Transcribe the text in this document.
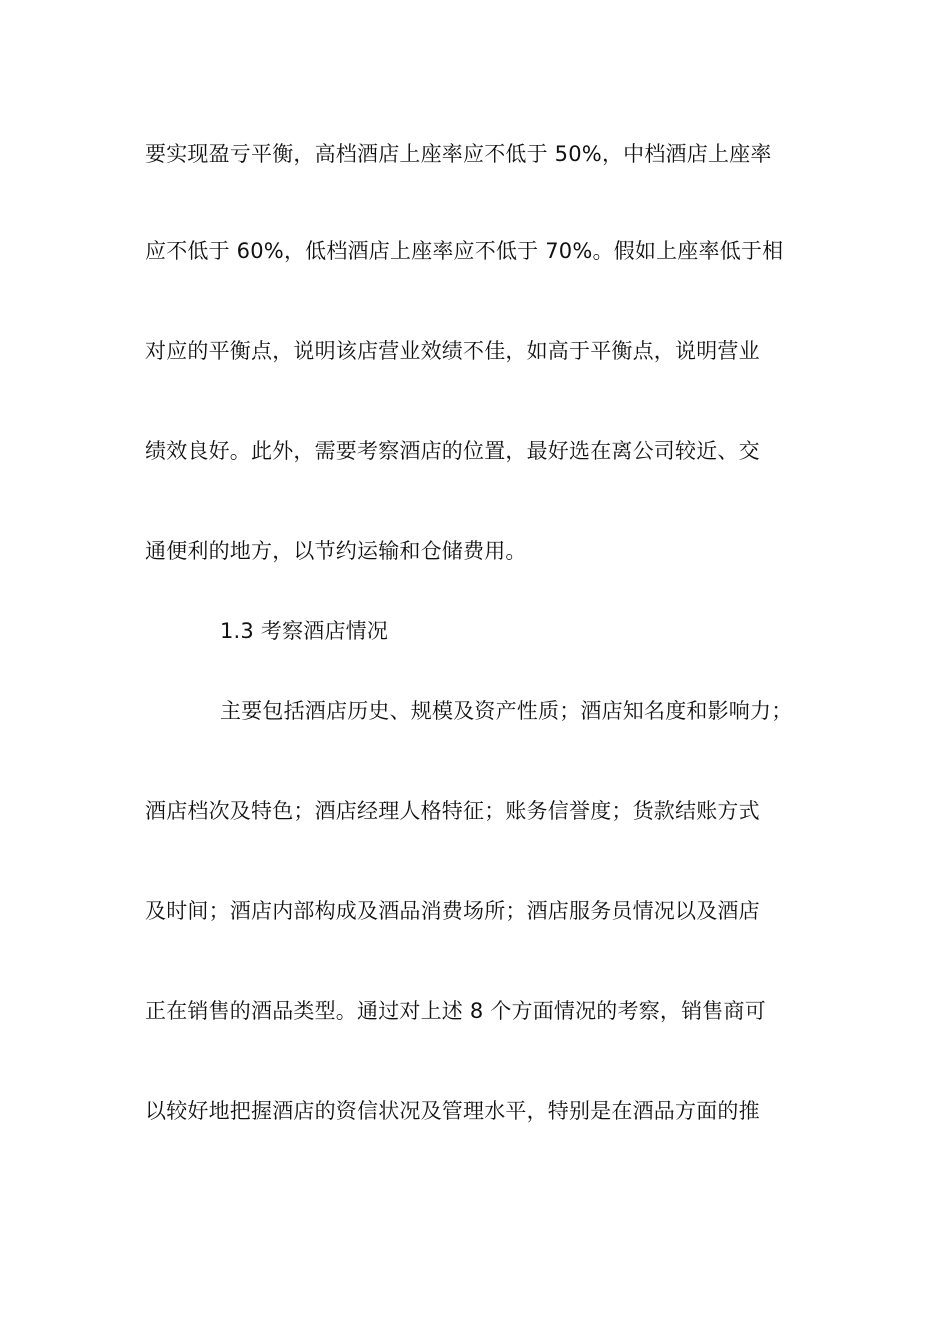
要实现盈亏平衡，高档酒店上座率应不低于 50%，中档酒店上座率
应不低于 60%，低档酒店上座率应不低于 70%。假如上座率低于相
对应的平衡点，说明该店营业效绩不佳，如高于平衡点，说明营业
绩效良好。此外，需要考察酒店的位置，最好选在离公司较近、交
通便利的地方，以节约运输和仓储费用。
1.3 考察酒店情况
主要包括酒店历史、规模及资产性质；酒店知名度和影响力；
酒店档次及特色；酒店经理人格特征；账务信誉度；货款结账方式
及时间；酒店内部构成及酒品消费场所；酒店服务员情况以及酒店
正在销售的酒品类型。通过对上述 8 个方面情况的考察，销售商可
以较好地把握酒店的资信状况及管理水平，特别是在酒品方面的推
